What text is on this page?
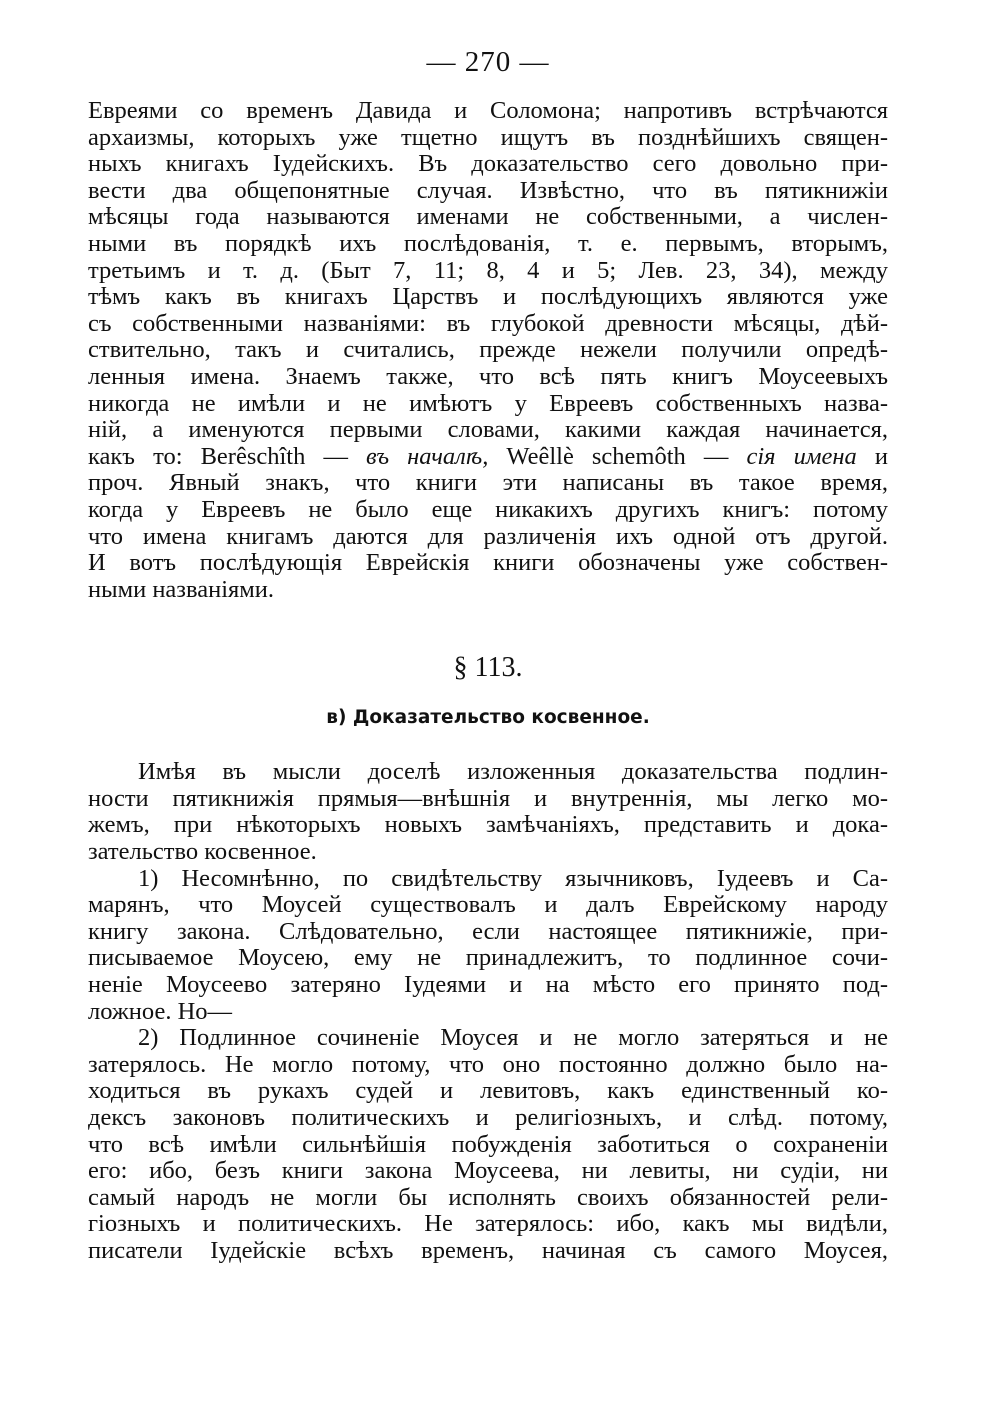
— 270 —

Евреями со временъ Давида и Соломона; напротивъ встрѣчаются
архаизмы, которыхъ уже тщетно ищутъ въ позднѣйшихъ священ-
ныхъ книгахъ Іудейскихъ. Въ доказательство сего довольно при-
вести два общепонятные случая. Извѣстно, что въ пятикнижіи
мѣсяцы года называются именами не собственными, а числен-
ными въ порядкѣ ихъ послѣдованія, т. е. первымъ, вторымъ,
третьимъ и т. д. (Быт 7, 11; 8, 4 и 5; Лев. 23, 34), между
тѣмъ какъ въ книгахъ Царствъ и послѣдующихъ являются уже
съ собственными названіями: въ глубокой древности мѣсяцы, дѣй-
ствительно, такъ и считались, прежде нежели получили опредѣ-
ленныя имена. Знаемъ также, что всѣ пять книгъ Моусеевыхъ
никогда не имѣли и не имѣютъ у Евреевъ собственныхъ назва-
ній, а именуются первыми словами, какими каждая начинается,
какъ то: Berêschîth — въ началѣ, Weêllè schemôth — сія имена и
проч. Явный знакъ, что книги эти написаны въ такое время,
когда у Евреевъ не было еще никакихъ другихъ книгъ: потому
что имена книгамъ даются для различенія ихъ одной отъ другой.
И вотъ послѣдующія Еврейскія книги обозначены уже собствен-
ными названіями.

§ 113.
в) Доказательство косвенное.

Имѣя въ мысли доселѣ изложенныя доказательства подлин-
ности пятикнижія прямыя—внѣшнія и внутреннія, мы легко мо-
жемъ, при нѣкоторыхъ новыхъ замѣчаніяхъ, представить и дока-
зательство косвенное.

1) Несомнѣнно, по свидѣтельству язычниковъ, Іудеевъ и Са-
марянъ, что Моусей существовалъ и далъ Еврейскому народу
книгу закона. Слѣдовательно, если настоящее пятикнижіе, при-
писываемое Моусею, ему не принадлежитъ, то подлинное сочи-
неніе Моусеево затеряно Іудеями и на мѣсто его принято под-
ложное. Но—

2) Подлинное сочиненіе Моусея и не могло затеряться и не
затерялось. Не могло потому, что оно постоянно должно было на-
ходиться въ рукахъ судей и левитовъ, какъ единственный ко-
дексъ законовъ политическихъ и религіозныхъ, и слѣд. потому,
что всѣ имѣли сильнѣйшія побужденія заботиться о сохраненіи
его: ибо, безъ книги закона Моусеева, ни левиты, ни судіи, ни
самый народъ не могли бы исполнять своихъ обязанностей рели-
гіозныхъ и политическихъ. Не затерялось: ибо, какъ мы видѣли,
писатели Іудейскіе всѣхъ временъ, начиная съ самого Моусея,
